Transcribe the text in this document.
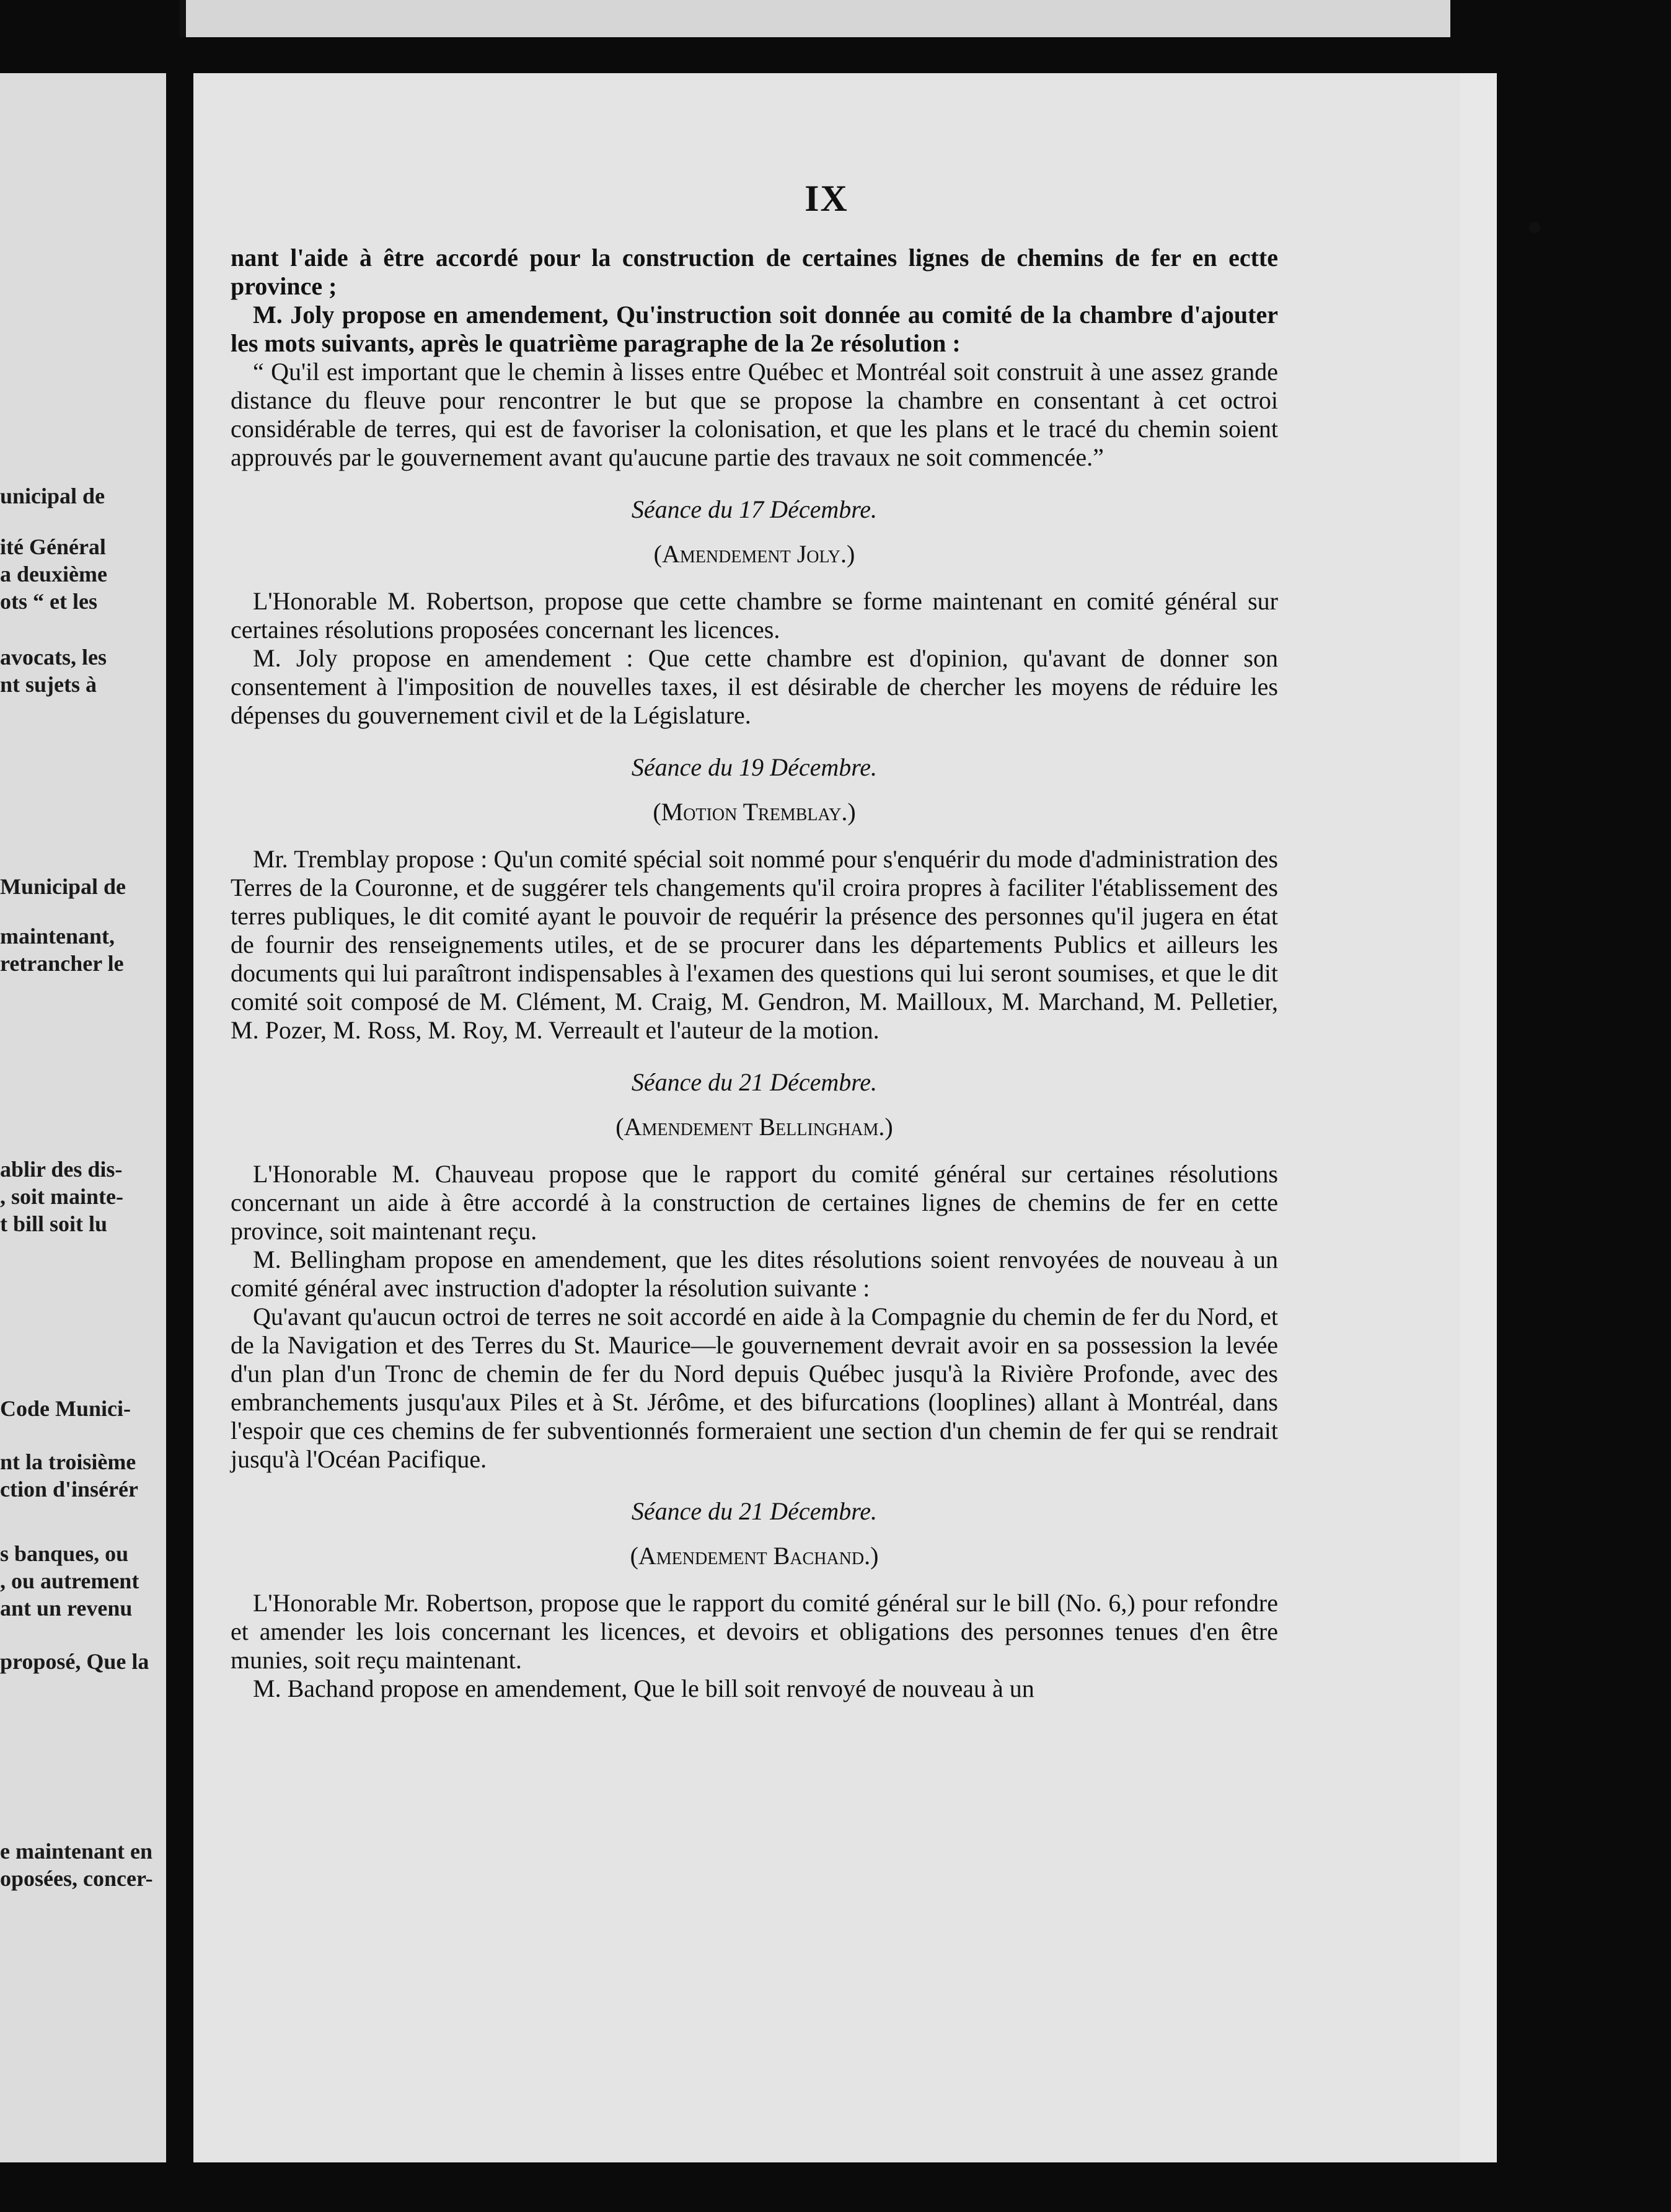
unicipal de
ité Général
a deuxième
ots “ et les
avocats, les
nt sujets à
Municipal de
maintenant,
retrancher le
ablir des dis-
, soit mainte-
t bill soit lu
Code Munici-
nt la troisième
ction d'insérér
s banques, ou
, ou autrement
ant un revenu
proposé, Que la
e maintenant en
oposées, concer-
IX

nant l'aide à être accordé pour la construction de certaines lignes de chemins de fer en ectte province ;

M. Joly propose en amendement, Qu'instruction soit donnée au comité de la chambre d'ajouter les mots suivants, après le quatrième paragraphe de la 2e résolution :

“ Qu'il est important que le chemin à lisses entre Québec et Montréal soit construit à une assez grande distance du fleuve pour rencontrer le but que se propose la chambre en consentant à cet octroi considérable de terres, qui est de favoriser la colonisation, et que les plans et le tracé du chemin soient approuvés par le gouvernement avant qu'aucune partie des travaux ne soit commencée.”

Séance du 17 Décembre.

(Amendement Joly.)

L'Honorable M. Robertson, propose que cette chambre se forme maintenant en comité général sur certaines résolutions proposées concernant les licences.

M. Joly propose en amendement : Que cette chambre est d'opinion, qu'avant de donner son consentement à l'imposition de nouvelles taxes, il est désirable de chercher les moyens de réduire les dépenses du gouvernement civil et de la Législature.

Séance du 19 Décembre.

(Motion Tremblay.)

Mr. Tremblay propose : Qu'un comité spécial soit nommé pour s'enquérir du mode d'administration des Terres de la Couronne, et de suggérer tels changements qu'il croira propres à faciliter l'établissement des terres publiques, le dit comité ayant le pouvoir de requérir la présence des personnes qu'il jugera en état de fournir des renseignements utiles, et de se procurer dans les départements Publics et ailleurs les documents qui lui paraîtront indispensables à l'examen des questions qui lui seront soumises, et que le dit comité soit composé de M. Clément, M. Craig, M. Gendron, M. Mailloux, M. Marchand, M. Pelletier, M. Pozer, M. Ross, M. Roy, M. Verreault et l'auteur de la motion.

Séance du 21 Décembre.

(Amendement Bellingham.)

L'Honorable M. Chauveau propose que le rapport du comité général sur certaines résolutions concernant un aide à être accordé à la construction de certaines lignes de chemins de fer en cette province, soit maintenant reçu.

M. Bellingham propose en amendement, que les dites résolutions soient renvoyées de nouveau à un comité général avec instruction d'adopter la résolution suivante :

Qu'avant qu'aucun octroi de terres ne soit accordé en aide à la Compagnie du chemin de fer du Nord, et de la Navigation et des Terres du St. Maurice—le gouvernement devrait avoir en sa possession la levée d'un plan d'un Tronc de chemin de fer du Nord depuis Québec jusqu'à la Rivière Profonde, avec des embranchements jusqu'aux Piles et à St. Jérôme, et des bifurcations (looplines) allant à Montréal, dans l'espoir que ces chemins de fer subventionnés formeraient une section d'un chemin de fer qui se rendrait jusqu'à l'Océan Pacifique.

Séance du 21 Décembre.

(Amendement Bachand.)

L'Honorable Mr. Robertson, propose que le rapport du comité général sur le bill (No. 6,) pour refondre et amender les lois concernant les licences, et devoirs et obligations des personnes tenues d'en être munies, soit reçu maintenant.

M. Bachand propose en amendement, Que le bill soit renvoyé de nouveau à un
